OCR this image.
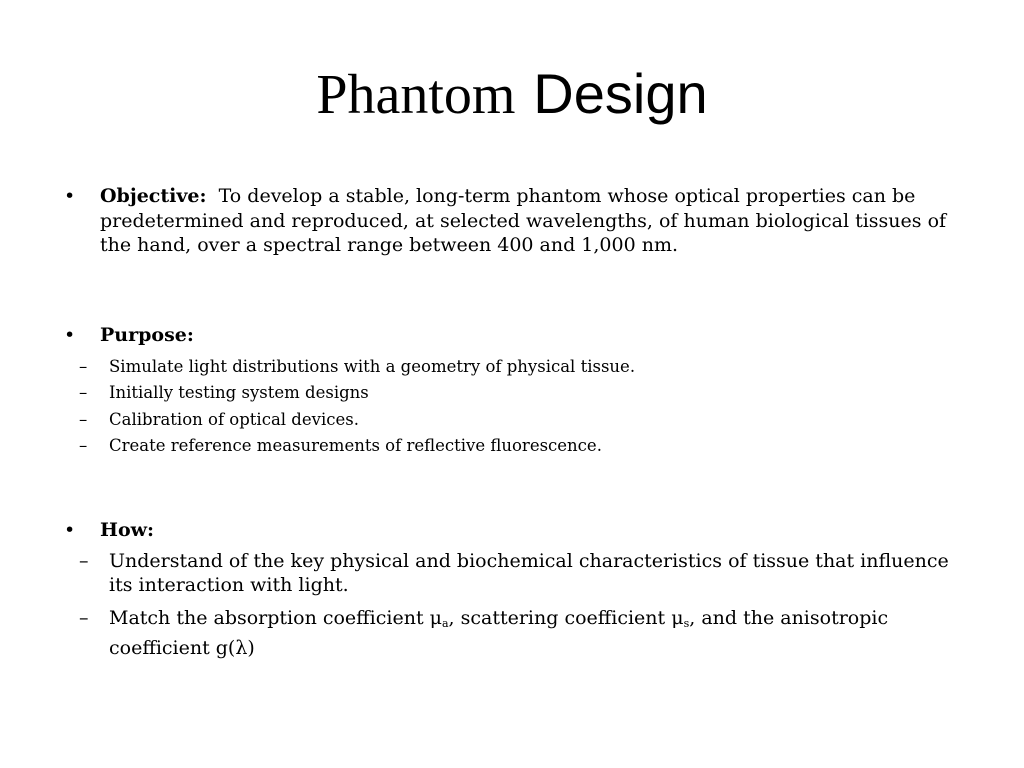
Phantom Design
• Objective: To develop a stable, long-term phantom whose optical properties can be predetermined and reproduced, at selected wavelengths, of human biological tissues of the hand, over a spectral range between 400 and 1,000 nm.
• Purpose:
– Simulate light distributions with a geometry of physical tissue.
– Initially testing system designs
– Calibration of optical devices.
– Create reference measurements of reflective fluorescence.
• How:
– Understand of the key physical and biochemical characteristics of tissue that influence its interaction with light.
– Match the absorption coefficient $\mu_a$, scattering coefficient $\mu_s$, and the anisotropic coefficient g(λ)
